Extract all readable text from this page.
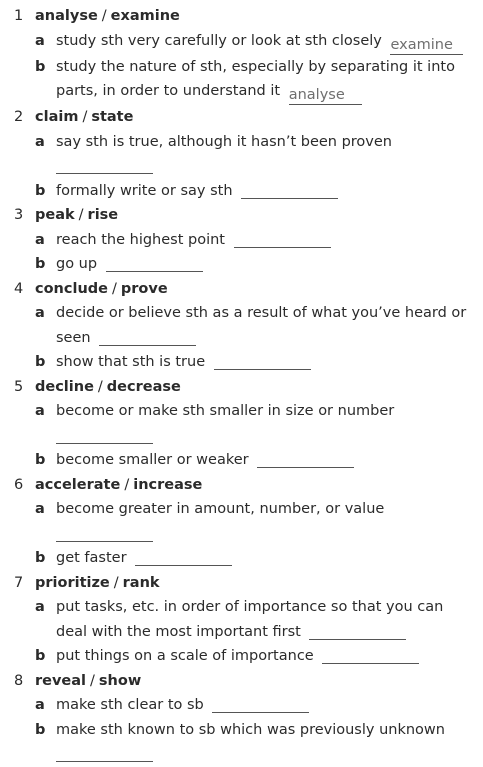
1 analyse / examine
a study sth very carefully or look at sth closely examine
b study the nature of sth, especially by separating it into parts, in order to understand it analyse
2 claim / state
a say sth is true, although it hasn’t been proven
b formally write or say sth
3 peak / rise
a reach the highest point
b go up
4 conclude / prove
a decide or believe sth as a result of what you’ve heard or seen
b show that sth is true
5 decline / decrease
a become or make sth smaller in size or number
b become smaller or weaker
6 accelerate / increase
a become greater in amount, number, or value
b get faster
7 prioritize / rank
a put tasks, etc. in order of importance so that you can deal with the most important first
b put things on a scale of importance
8 reveal / show
a make sth clear to sb
b make sth known to sb which was previously unknown
